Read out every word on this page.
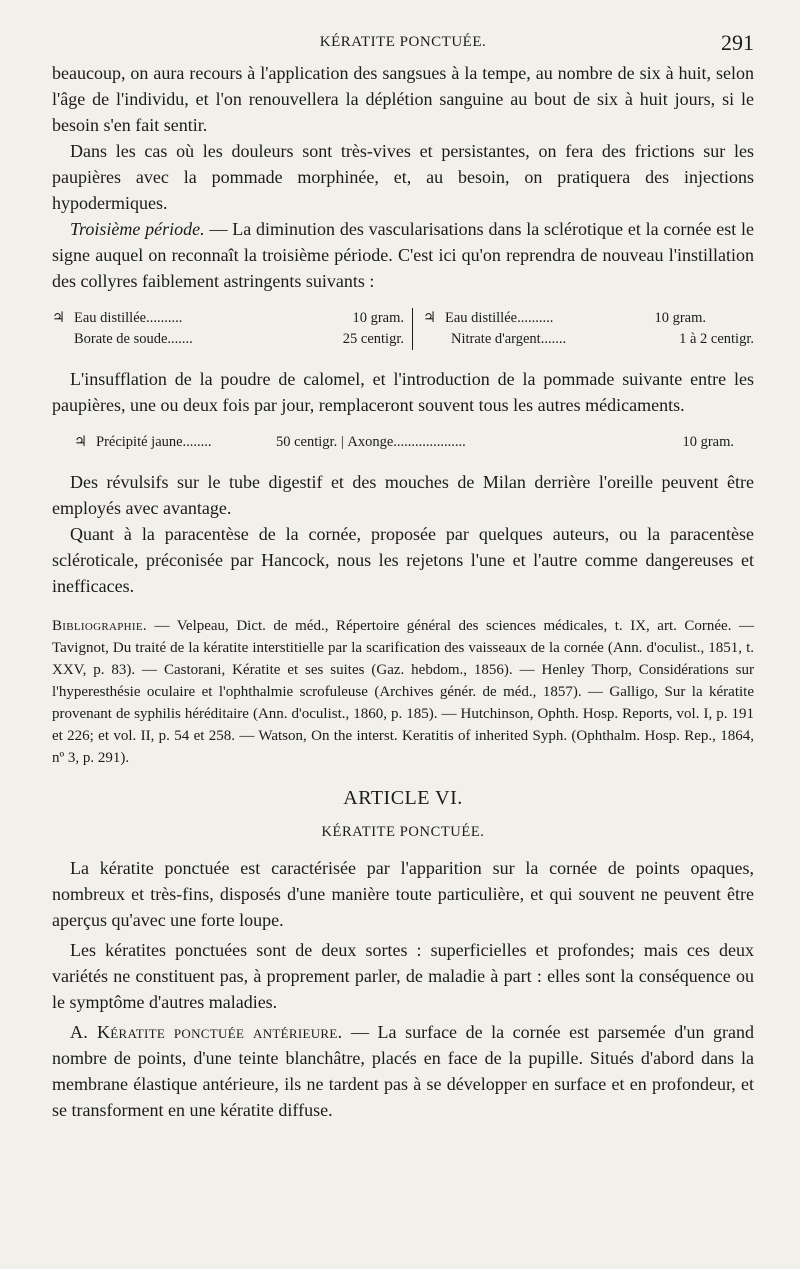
KÉRATITE PONCTUÉE.	291

beaucoup, on aura recours à l'application des sangsues à la tempe, au nombre de six à huit, selon l'âge de l'individu, et l'on renouvellera la déplétion sanguine au bout de six à huit jours, si le besoin s'en fait sentir.

Dans les cas où les douleurs sont très-vives et persistantes, on fera des frictions sur les paupières avec la pommade morphinée, et, au besoin, on pratiquera des injections hypodermiques.

Troisième période. — La diminution des vascularisations dans la sclérotique et la cornée est le signe auquel on reconnaît la troisième période. C'est ici qu'on reprendra de nouveau l'instillation des collyres faiblement astringents suivants :

♃ Eau distillée..........	10 gram.
Borate de soude.......	25 centigr.
♃ Eau distillée..........	10 gram.
Nitrate d'argent.......	1 à 2 centigr.

L'insufflation de la poudre de calomel, et l'introduction de la pommade suivante entre les paupières, une ou deux fois par jour, remplaceront souvent tous les autres médicaments.

♃ Précipité jaune........	50 centigr. | Axonge....................	10 gram.

Des révulsifs sur le tube digestif et des mouches de Milan derrière l'oreille peuvent être employés avec avantage.

Quant à la paracentèse de la cornée, proposée par quelques auteurs, ou la paracentèse scléroticale, préconisée par Hancock, nous les rejetons l'une et l'autre comme dangereuses et inefficaces.

Bibliographie. — Velpeau, Dict. de méd., Répertoire général des sciences médicales, t. IX, art. Cornée. — Tavignot, Du traité de la kératite interstitielle par la scarification des vaisseaux de la cornée (Ann. d'oculist., 1851, t. XXV, p. 83). — Castorani, Kératite et ses suites (Gaz. hebdom., 1856). — Henley Thorp, Considérations sur l'hyperesthésie oculaire et l'ophthalmie scrofuleuse (Archives génér. de méd., 1857). — Galligo, Sur la kératite provenant de syphilis héréditaire (Ann. d'oculist., 1860, p. 185). — Hutchinson, Ophth. Hosp. Reports, vol. I, p. 191 et 226; et vol. II, p. 54 et 258. — Watson, On the interst. Keratitis of inherited Syph. (Ophthalm. Hosp. Rep., 1864, nº 3, p. 291).

ARTICLE VI.
KÉRATITE PONCTUÉE.

La kératite ponctuée est caractérisée par l'apparition sur la cornée de points opaques, nombreux et très-fins, disposés d'une manière toute particulière, et qui souvent ne peuvent être aperçus qu'avec une forte loupe.

Les kératites ponctuées sont de deux sortes : superficielles et profondes; mais ces deux variétés ne constituent pas, à proprement parler, de maladie à part : elles sont la conséquence ou le symptôme d'autres maladies.

A. Kératite ponctuée antérieure. — La surface de la cornée est parsemée d'un grand nombre de points, d'une teinte blanchâtre, placés en face de la pupille. Situés d'abord dans la membrane élastique antérieure, ils ne tardent pas à se développer en surface et en profondeur, et se transforment en une kératite diffuse.
